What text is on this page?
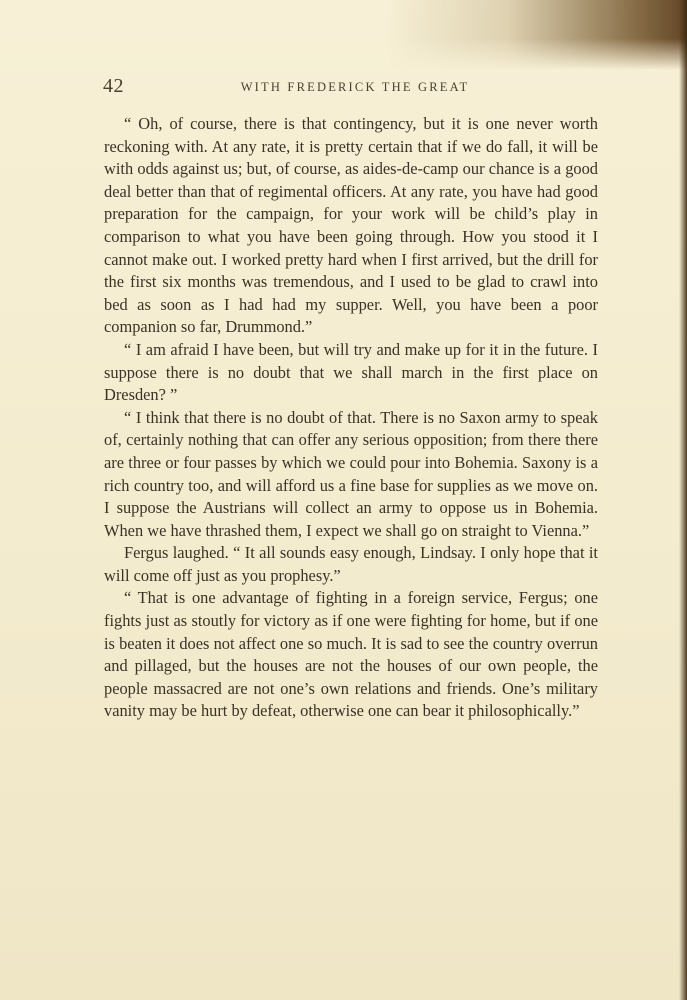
42	WITH FREDERICK THE GREAT

“ Oh, of course, there is that contingency, but it is one never worth reckoning with. At any rate, it is pretty certain that if we do fall, it will be with odds against us; but, of course, as aides-de-camp our chance is a good deal better than that of regimental officers. At any rate, you have had good preparation for the campaign, for your work will be child’s play in comparison to what you have been going through. How you stood it I cannot make out. I worked pretty hard when I first arrived, but the drill for the first six months was tremendous, and I used to be glad to crawl into bed as soon as I had had my supper. Well, you have been a poor companion so far, Drummond.”

“ I am afraid I have been, but will try and make up for it in the future. I suppose there is no doubt that we shall march in the first place on Dresden? ”

“ I think that there is no doubt of that. There is no Saxon army to speak of, certainly nothing that can offer any serious opposition; from there there are three or four passes by which we could pour into Bohemia. Saxony is a rich country too, and will afford us a fine base for supplies as we move on. I suppose the Austrians will collect an army to oppose us in Bohemia. When we have thrashed them, I expect we shall go on straight to Vienna.”

Fergus laughed. “ It all sounds easy enough, Lindsay. I only hope that it will come off just as you prophesy.”

“ That is one advantage of fighting in a foreign service, Fergus; one fights just as stoutly for victory as if one were fighting for home, but if one is beaten it does not affect one so much. It is sad to see the country overrun and pillaged, but the houses are not the houses of our own people, the people massacred are not one’s own relations and friends. One’s military vanity may be hurt by defeat, otherwise one can bear it philosophically.”
